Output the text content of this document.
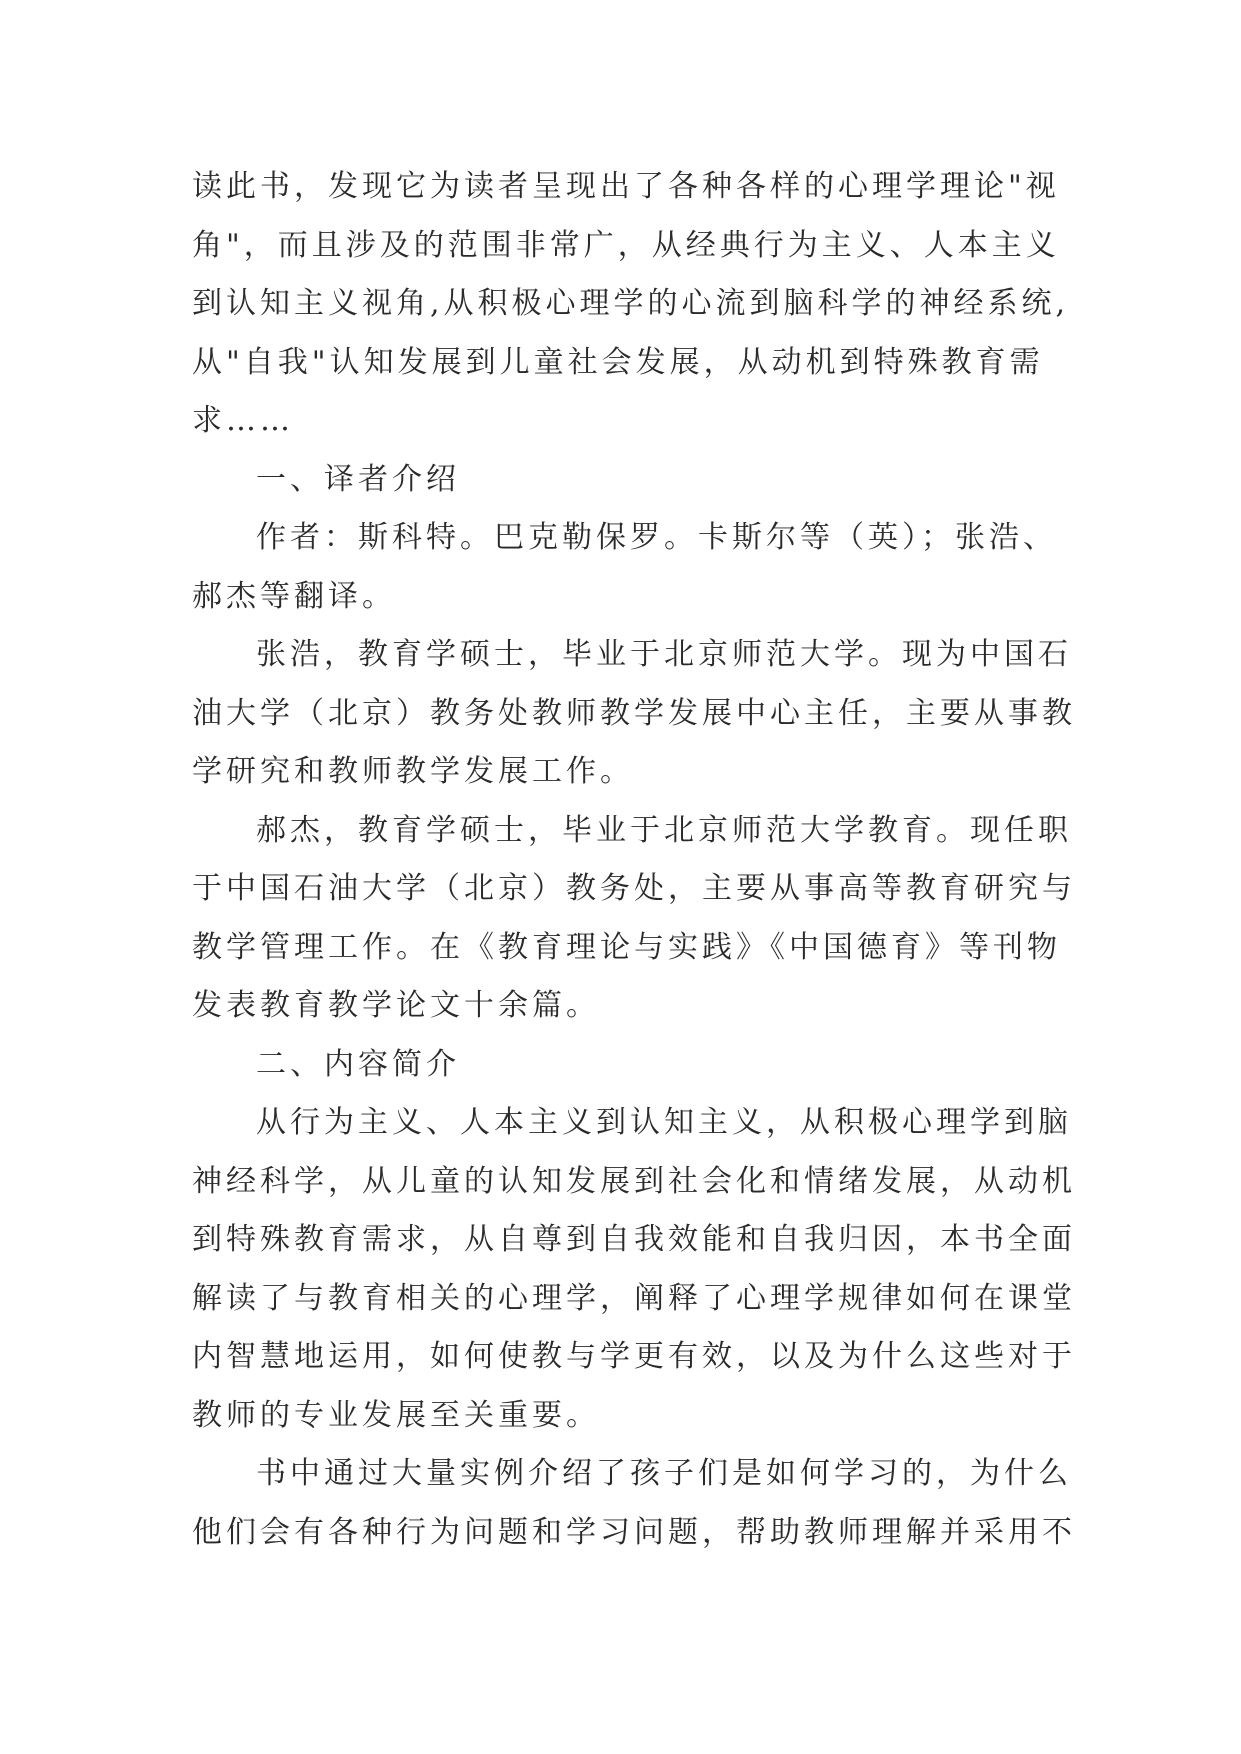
读此书，发现它为读者呈现出了各种各样的心理学理论"视
角"，而且涉及的范围非常广，从经典行为主义、人本主义
到认知主义视角,从积极心理学的心流到脑科学的神经系统,
从"自我"认知发展到儿童社会发展，从动机到特殊教育需
求……
一、译者介绍
作者：斯科特。巴克勒保罗。卡斯尔等（英）；张浩、
郝杰等翻译。
张浩，教育学硕士，毕业于北京师范大学。现为中国石
油大学（北京）教务处教师教学发展中心主任，主要从事教
学研究和教师教学发展工作。
郝杰，教育学硕士，毕业于北京师范大学教育。现任职
于中国石油大学（北京）教务处，主要从事高等教育研究与
教学管理工作。在《教育理论与实践》《中国德育》等刊物
发表教育教学论文十余篇。
二、内容简介
从行为主义、人本主义到认知主义，从积极心理学到脑
神经科学，从儿童的认知发展到社会化和情绪发展，从动机
到特殊教育需求，从自尊到自我效能和自我归因，本书全面
解读了与教育相关的心理学，阐释了心理学规律如何在课堂
内智慧地运用，如何使教与学更有效，以及为什么这些对于
教师的专业发展至关重要。
书中通过大量实例介绍了孩子们是如何学习的，为什么
他们会有各种行为问题和学习问题，帮助教师理解并采用不
